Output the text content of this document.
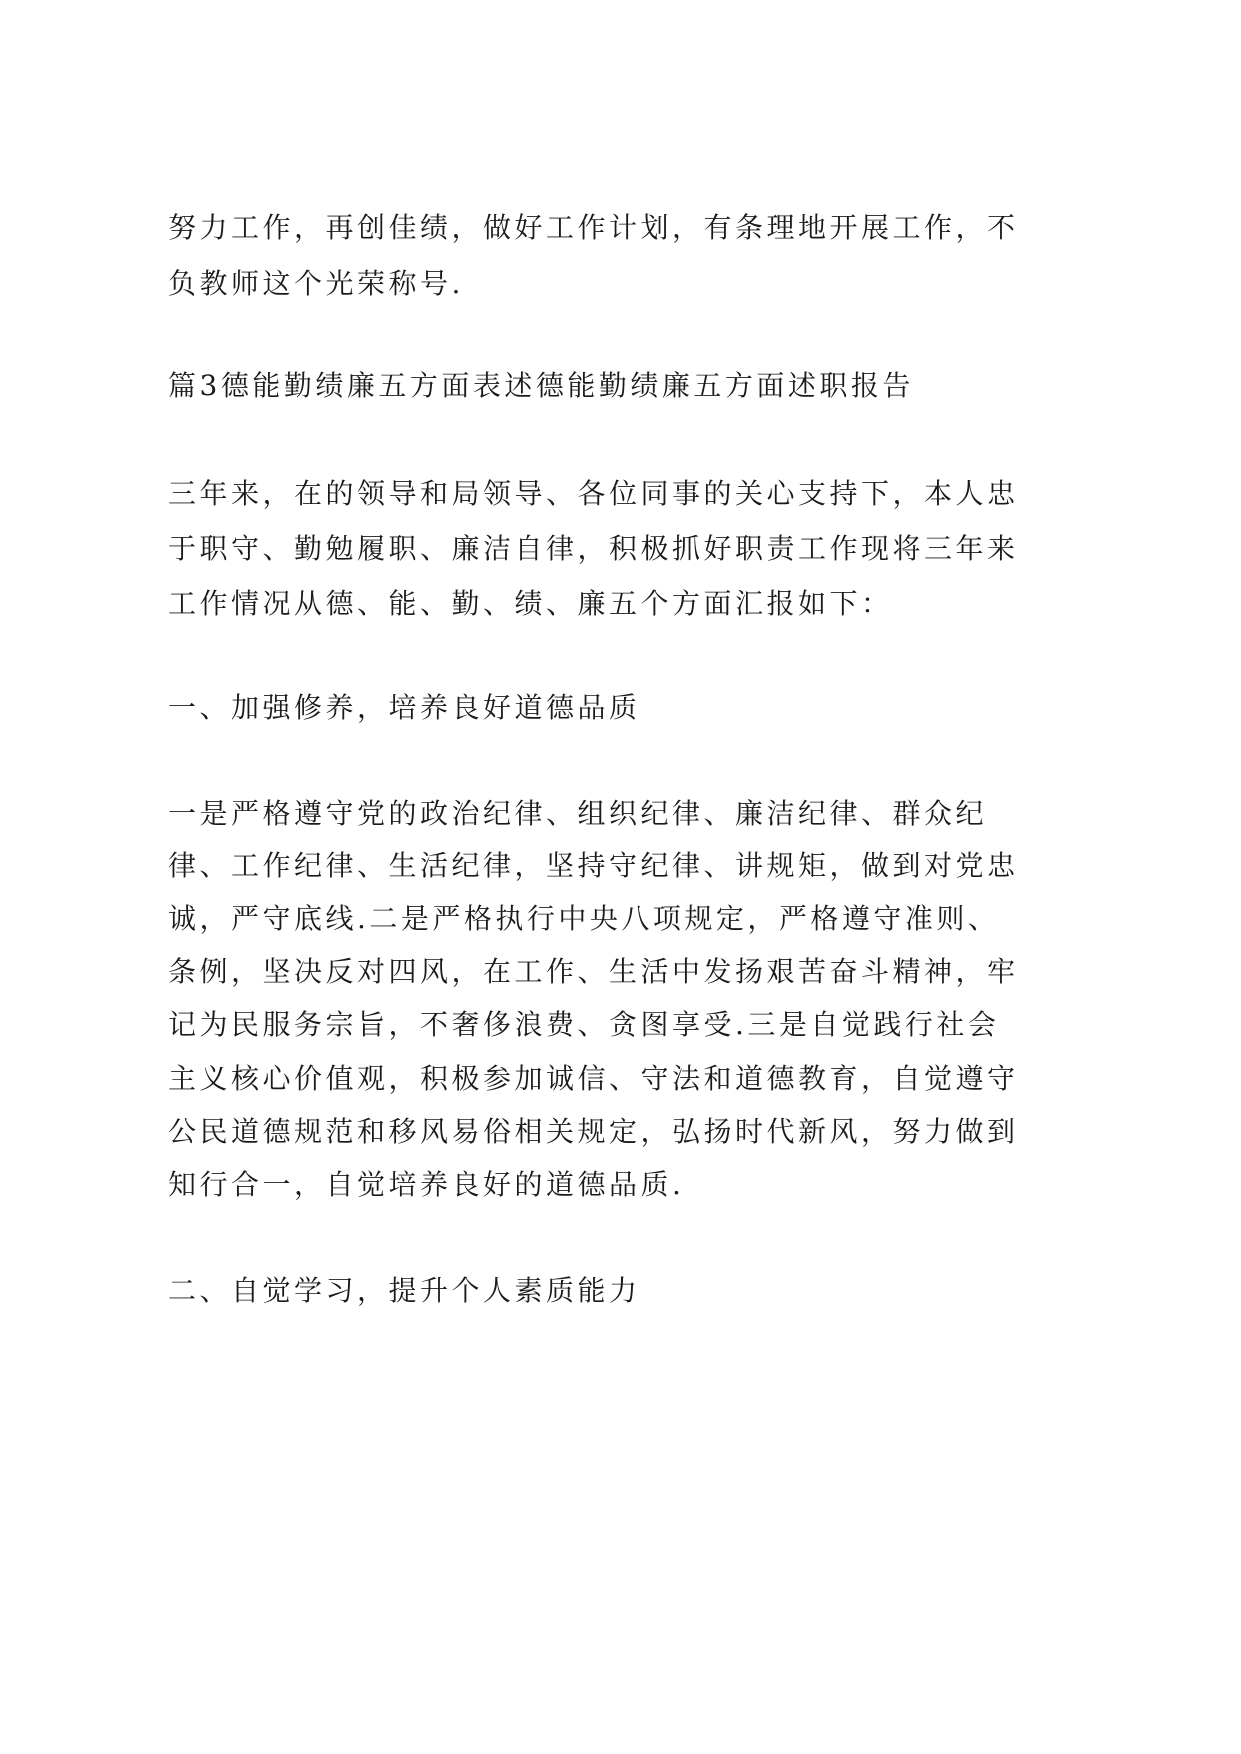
努力工作，再创佳绩，做好工作计划，有条理地开展工作，不
负教师这个光荣称号.
篇3德能勤绩廉五方面表述德能勤绩廉五方面述职报告
三年来，在的领导和局领导、各位同事的关心支持下，本人忠
于职守、勤勉履职、廉洁自律，积极抓好职责工作现将三年来
工作情况从德、能、勤、绩、廉五个方面汇报如下：
一、加强修养，培养良好道德品质
一是严格遵守党的政治纪律、组织纪律、廉洁纪律、群众纪
律、工作纪律、生活纪律，坚持守纪律、讲规矩，做到对党忠
诚，严守底线.二是严格执行中央八项规定，严格遵守准则、
条例，坚决反对四风，在工作、生活中发扬艰苦奋斗精神，牢
记为民服务宗旨，不奢侈浪费、贪图享受.三是自觉践行社会
主义核心价值观，积极参加诚信、守法和道德教育，自觉遵守
公民道德规范和移风易俗相关规定，弘扬时代新风，努力做到
知行合一，自觉培养良好的道德品质.
二、自觉学习，提升个人素质能力
